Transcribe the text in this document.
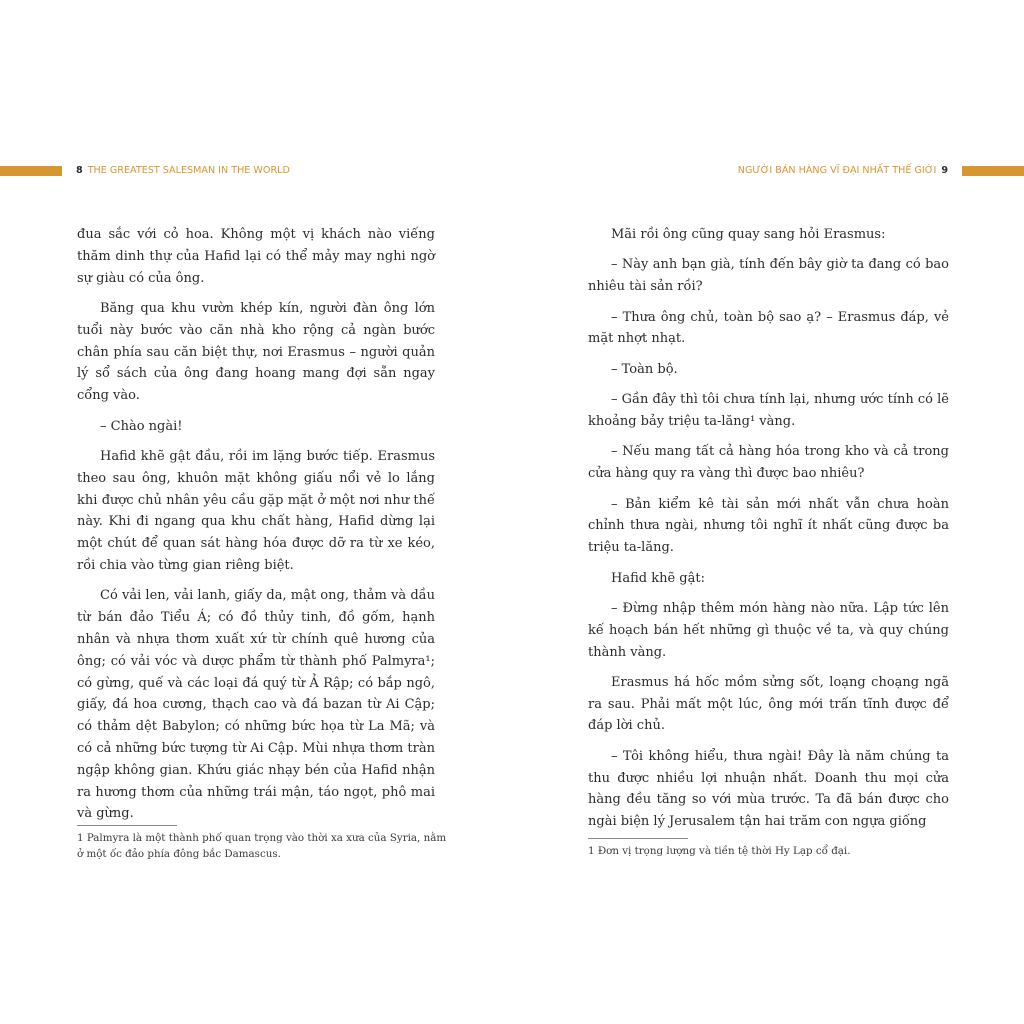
8 THE GREATEST SALESMAN IN THE WORLD	NGƯỜI BÁN HÀNG VĨ ĐẠI NHẤT THẾ GIỚI 9

đua sắc với cỏ hoa. Không một vị khách nào viếng thăm dinh thự của Hafid lại có thể mảy may nghi ngờ sự giàu có của ông.

Băng qua khu vườn khép kín, người đàn ông lớn tuổi này bước vào căn nhà kho rộng cả ngàn bước chân phía sau căn biệt thự, nơi Erasmus – người quản lý sổ sách của ông đang hoang mang đợi sẵn ngay cổng vào.

– Chào ngài!

Hafid khẽ gật đầu, rồi im lặng bước tiếp. Erasmus theo sau ông, khuôn mặt không giấu nổi vẻ lo lắng khi được chủ nhân yêu cầu gặp mặt ở một nơi như thế này. Khi đi ngang qua khu chất hàng, Hafid dừng lại một chút để quan sát hàng hóa được dỡ ra từ xe kéo, rồi chia vào từng gian riêng biệt.

Có vải len, vải lanh, giấy da, mật ong, thảm và dầu từ bán đảo Tiểu Á; có đồ thủy tinh, đồ gốm, hạnh nhân và nhựa thơm xuất xứ từ chính quê hương của ông; có vải vóc và dược phẩm từ thành phố Palmyra¹; có gừng, quế và các loại đá quý từ Ả Rập; có bắp ngô, giấy, đá hoa cương, thạch cao và đá bazan từ Ai Cập; có thảm dệt Babylon; có những bức họa từ La Mã; và có cả những bức tượng từ Ai Cập. Mùi nhựa thơm tràn ngập không gian. Khứu giác nhạy bén của Hafid nhận ra hương thơm của những trái mận, táo ngọt, phô mai và gừng.

1 Palmyra là một thành phố quan trọng vào thời xa xưa của Syria, nằm ở một ốc đảo phía đông bắc Damascus.

Mãi rồi ông cũng quay sang hỏi Erasmus:

– Này anh bạn già, tính đến bây giờ ta đang có bao nhiêu tài sản rồi?

– Thưa ông chủ, toàn bộ sao ạ? – Erasmus đáp, vẻ mặt nhợt nhạt.

– Toàn bộ.

– Gần đây thì tôi chưa tính lại, nhưng ước tính có lẽ khoảng bảy triệu ta-lăng¹ vàng.

– Nếu mang tất cả hàng hóa trong kho và cả trong cửa hàng quy ra vàng thì được bao nhiêu?

– Bản kiểm kê tài sản mới nhất vẫn chưa hoàn chỉnh thưa ngài, nhưng tôi nghĩ ít nhất cũng được ba triệu ta-lăng.

Hafid khẽ gật:

– Đừng nhập thêm món hàng nào nữa. Lập tức lên kế hoạch bán hết những gì thuộc về ta, và quy chúng thành vàng.

Erasmus há hốc mồm sửng sốt, loạng choạng ngã ra sau. Phải mất một lúc, ông mới trấn tĩnh được để đáp lời chủ.

– Tôi không hiểu, thưa ngài! Đây là năm chúng ta thu được nhiều lợi nhuận nhất. Doanh thu mọi cửa hàng đều tăng so với mùa trước. Ta đã bán được cho ngài biện lý Jerusalem tận hai trăm con ngựa giống

1 Đơn vị trọng lượng và tiền tệ thời Hy Lạp cổ đại.
